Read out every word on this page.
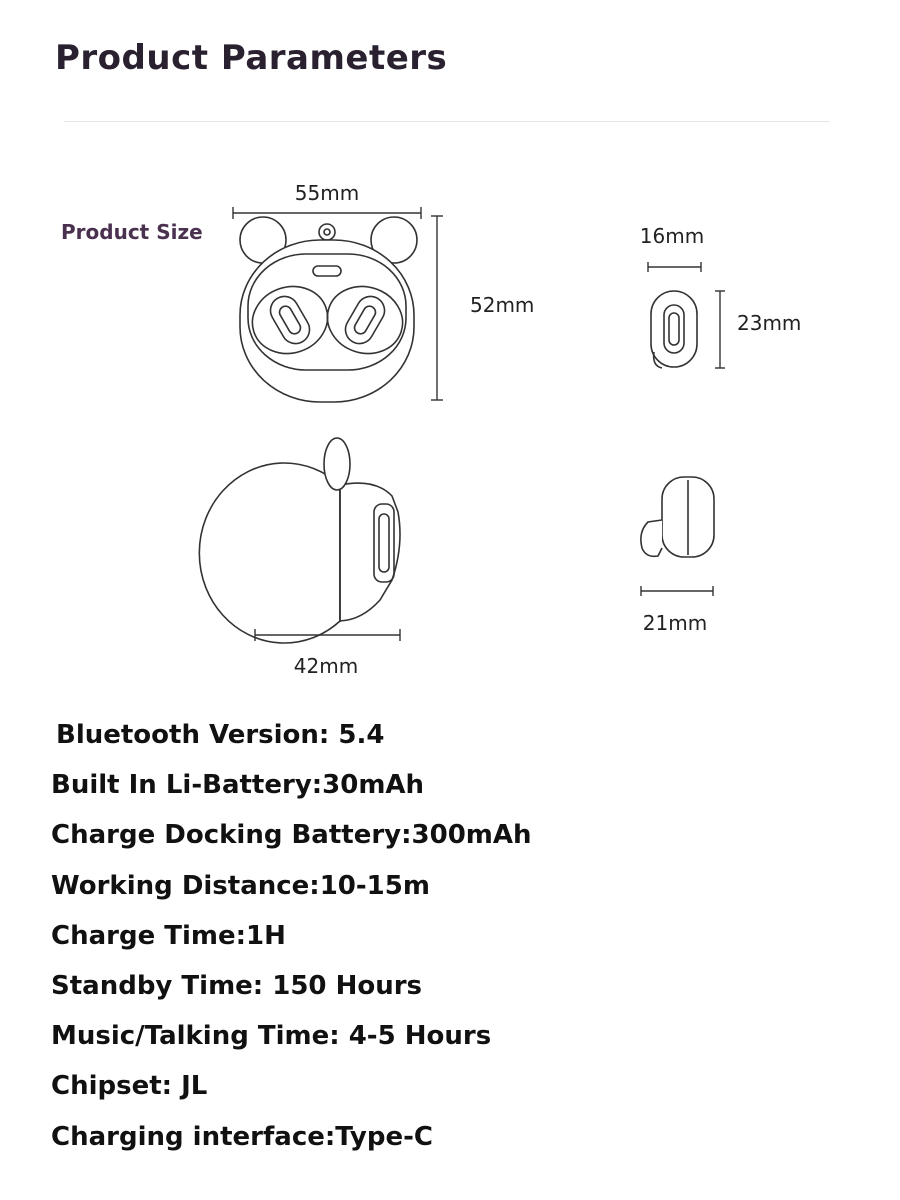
Product Parameters
Product Size
55mm
52mm
42mm
16mm
23mm
21mm
Bluetooth Version: 5.4
Built In Li-Battery:30mAh
Charge Docking Battery:300mAh
Working Distance:10-15m
Charge Time:1H
Standby Time: 150 Hours
Music/Talking Time: 4-5 Hours
Chipset: JL
Charging interface:Type-C
